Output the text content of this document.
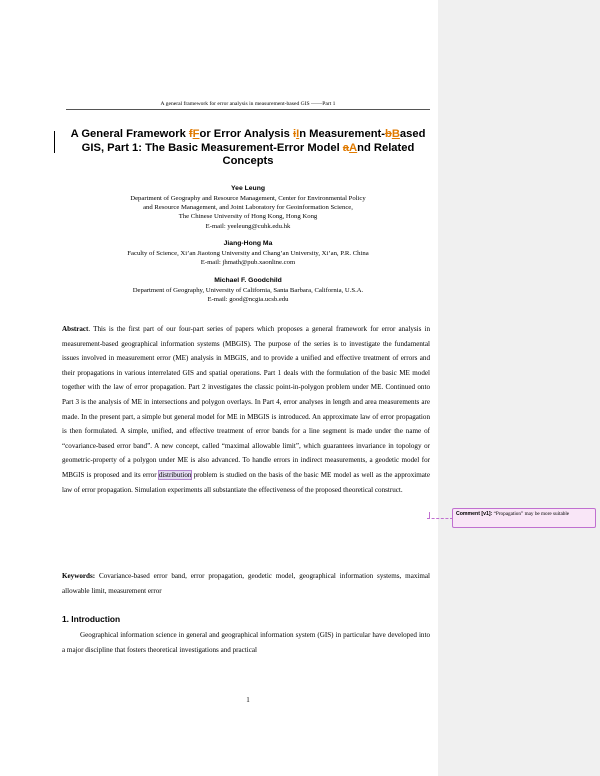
A general framework for error analysis in measurement-based GIS ——Part 1
A General Framework fFor Error Analysis iIn Measurement-bBased GIS, Part 1: The Basic Measurement-Error Model aAnd Related Concepts
Yee Leung
Department of Geography and Resource Management, Center for Environmental Policy
and Resource Management, and Joint Laboratory for Geoinformation Science,
The Chinese University of Hong Kong, Hong Kong
E-mail: yeeleung@cuhk.edu.hk
Jiang-Hong Ma
Faculty of Science, Xi’an Jiaotong University and Chang’an University, Xi’an, P.R. China
E-mail: jhmath@pub.xaonline.com
Michael F. Goodchild
Department of Geography, University of California, Santa Barbara, California, U.S.A.
E-mail: good@ncgia.ucsb.edu
Abstract. This is the first part of our four-part series of papers which proposes a general framework for error analysis in measurement-based geographical information systems (MBGIS). The purpose of the series is to investigate the fundamental issues involved in measurement error (ME) analysis in MBGIS, and to provide a unified and effective treatment of errors and their propagations in various interrelated GIS and spatial operations. Part 1 deals with the formulation of the basic ME model together with the law of error propagation. Part 2 investigates the classic point-in-polygon problem under ME. Continued onto Part 3 is the analysis of ME in intersections and polygon overlays. In Part 4, error analyses in length and area measurements are made. In the present part, a simple but general model for ME in MBGIS is introduced. An approximate law of error propagation is then formulated. A simple, unified, and effective treatment of error bands for a line segment is made under the name of “covariance-based error band”. A new concept, called “maximal allowable limit”, which guarantees invariance in topology or geometric-property of a polygon under ME is also advanced. To handle errors in indirect measurements, a geodetic model for MBGIS is proposed and its error distribution problem is studied on the basis of the basic ME model as well as the approximate law of error propagation. Simulation experiments all substantiate the effectiveness of the proposed theoretical construct.
Keywords: Covariance-based error band, error propagation, geodetic model, geographical information systems, maximal allowable limit, measurement error
1. Introduction
Geographical information science in general and geographical information system (GIS) in particular have developed into a major discipline that fosters theoretical investigations and practical
1
Comment [v1]: “Propagation” may be more suitable
